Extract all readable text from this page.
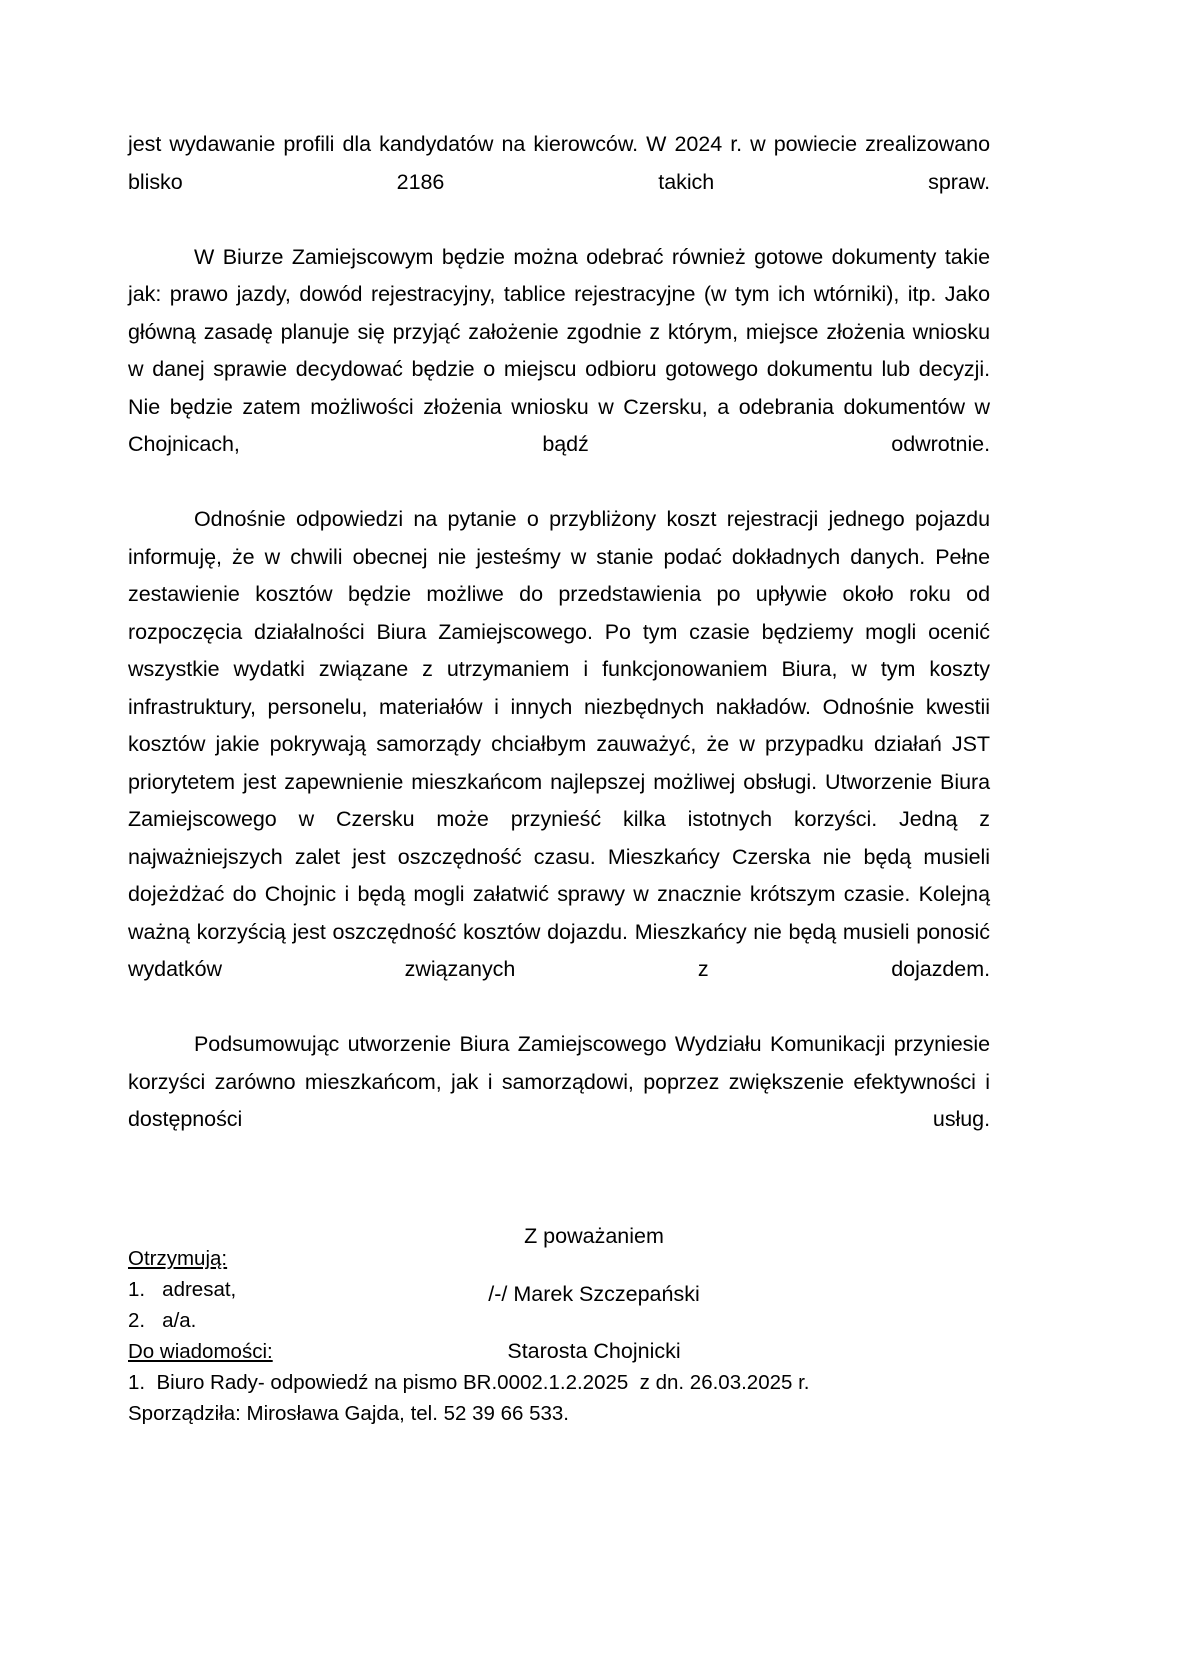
jest wydawanie profili dla kandydatów na kierowców. W 2024 r. w powiecie zrealizowano blisko 2186 takich spraw.

W Biurze Zamiejscowym będzie można odebrać również gotowe dokumenty takie jak: prawo jazdy, dowód rejestracyjny, tablice rejestracyjne (w tym ich wtórniki), itp. Jako główną zasadę planuje się przyjąć założenie zgodnie z którym, miejsce złożenia wniosku w danej sprawie decydować będzie o miejscu odbioru gotowego dokumentu lub decyzji. Nie będzie zatem możliwości złożenia wniosku w Czersku, a odebrania dokumentów w Chojnicach, bądź odwrotnie.

Odnośnie odpowiedzi na pytanie o przybliżony koszt rejestracji jednego pojazdu informuję, że w chwili obecnej nie jesteśmy w stanie podać dokładnych danych. Pełne zestawienie kosztów będzie możliwe do przedstawienia po upływie około roku od rozpoczęcia działalności Biura Zamiejscowego. Po tym czasie będziemy mogli ocenić wszystkie wydatki związane z utrzymaniem i funkcjonowaniem Biura, w tym koszty infrastruktury, personelu, materiałów i innych niezbędnych nakładów. Odnośnie kwestii kosztów jakie pokrywają samorządy chciałbym zauważyć, że w przypadku działań JST priorytetem jest zapewnienie mieszkańcom najlepszej możliwej obsługi. Utworzenie Biura Zamiejscowego w Czersku może przynieść kilka istotnych korzyści. Jedną z najważniejszych zalet jest oszczędność czasu. Mieszkańcy Czerska nie będą musieli dojeżdżać do Chojnic i będą mogli załatwić sprawy w znacznie krótszym czasie. Kolejną ważną korzyścią jest oszczędność kosztów dojazdu. Mieszkańcy nie będą musieli ponosić wydatków związanych z dojazdem.

Podsumowując utworzenie Biura Zamiejscowego Wydziału Komunikacji przyniesie korzyści zarówno mieszkańcom, jak i samorządowi, poprzez zwiększenie efektywności i dostępności usług.

Z poważaniem

/-/ Marek Szczepański

Starosta Chojnicki

Otrzymują:

1.   adresat,

2.   a/a.

Do wiadomości:

1.  Biuro Rady- odpowiedź na pismo BR.0002.1.2.2025  z dn. 26.03.2025 r.

Sporządziła: Mirosława Gajda, tel. 52 39 66 533.
